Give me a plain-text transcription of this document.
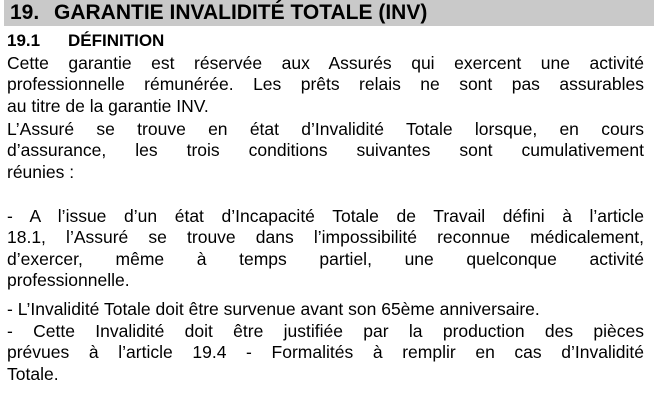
19. GARANTIE INVALIDITÉ TOTALE (INV)
19.1 DÉFINITION
Cette garantie est réservée aux Assurés qui exercent une activité
professionnelle rémunérée. Les prêts relais ne sont pas assurables
au titre de la garantie INV.
L’Assuré se trouve en état d’Invalidité Totale lorsque, en cours
d’assurance, les trois conditions suivantes sont cumulativement
réunies :
- A l’issue d’un état d’Incapacité Totale de Travail défini à l’article
18.1, l’Assuré se trouve dans l’impossibilité reconnue médicalement,
d’exercer, même à temps partiel, une quelconque activité
professionnelle.
- L’Invalidité Totale doit être survenue avant son 65ème anniversaire.
- Cette Invalidité doit être justifiée par la production des pièces
prévues à l’article 19.4 - Formalités à remplir en cas d’Invalidité
Totale.
